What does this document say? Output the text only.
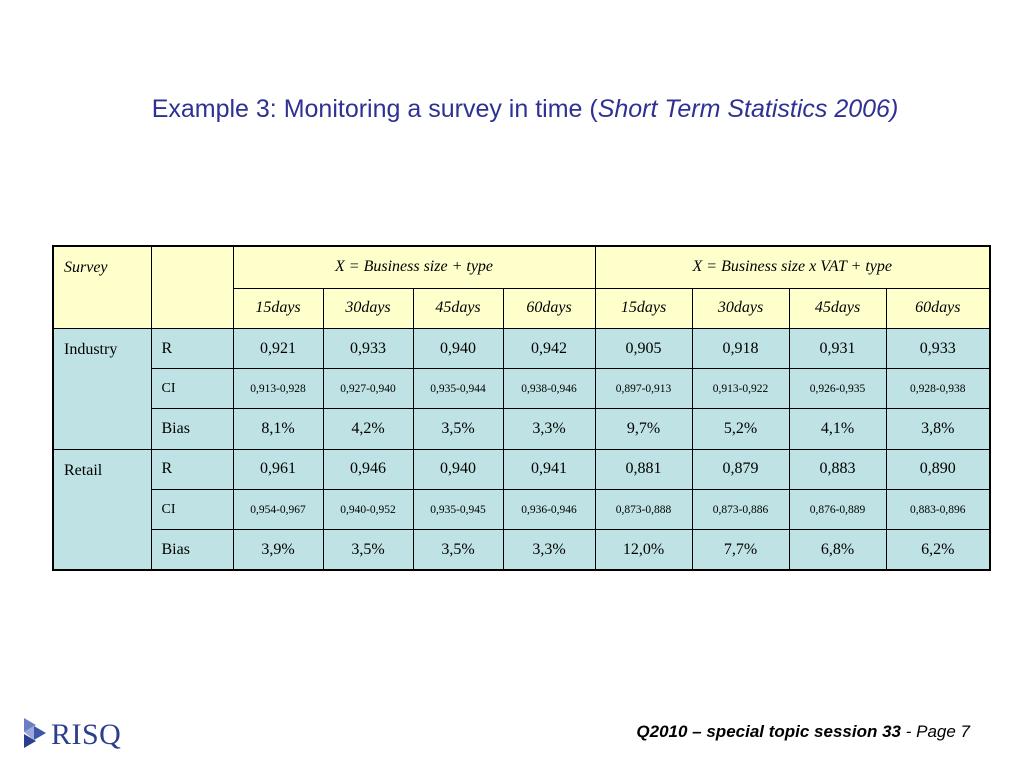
Example 3: Monitoring a survey in time (Short Term Statistics 2006)
Survey		X = Business size + type				X = Business size x VAT + type			
		15days	30days	45days	60days	15days	30days	45days	60days
Industry	R	0,921	0,933	0,940	0,942	0,905	0,918	0,931	0,933
	CI	0,913-0,928	0,927-0,940	0,935-0,944	0,938-0,946	0,897-0,913	0,913-0,922	0,926-0,935	0,928-0,938
	Bias	8,1%	4,2%	3,5%	3,3%	9,7%	5,2%	4,1%	3,8%
Retail	R	0,961	0,946	0,940	0,941	0,881	0,879	0,883	0,890
	CI	0,954-0,967	0,940-0,952	0,935-0,945	0,936-0,946	0,873-0,888	0,873-0,886	0,876-0,889	0,883-0,896
	Bias	3,9%	3,5%	3,5%	3,3%	12,0%	7,7%	6,8%	6,2%
RISQ	Q2010 – special topic session 33 - Page 7
